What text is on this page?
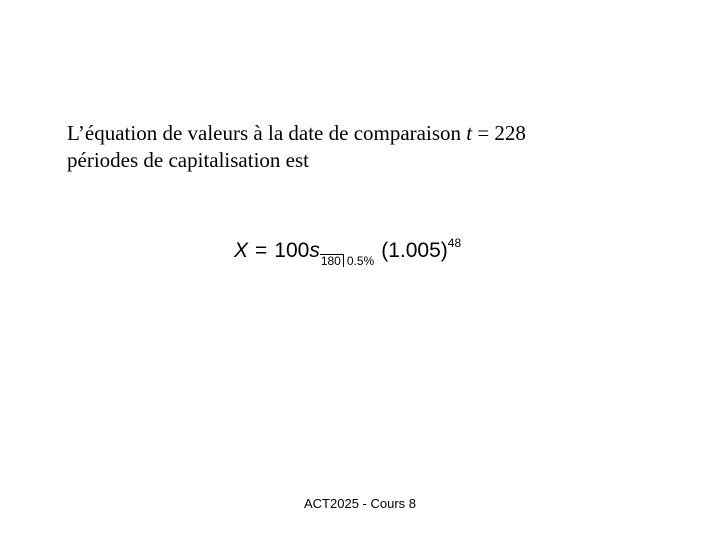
L’équation de valeurs à la date de comparaison t = 228
périodes de capitalisation est
X = 100s180 0.5% $(1.005)^{48}$
ACT2025 - Cours 8
